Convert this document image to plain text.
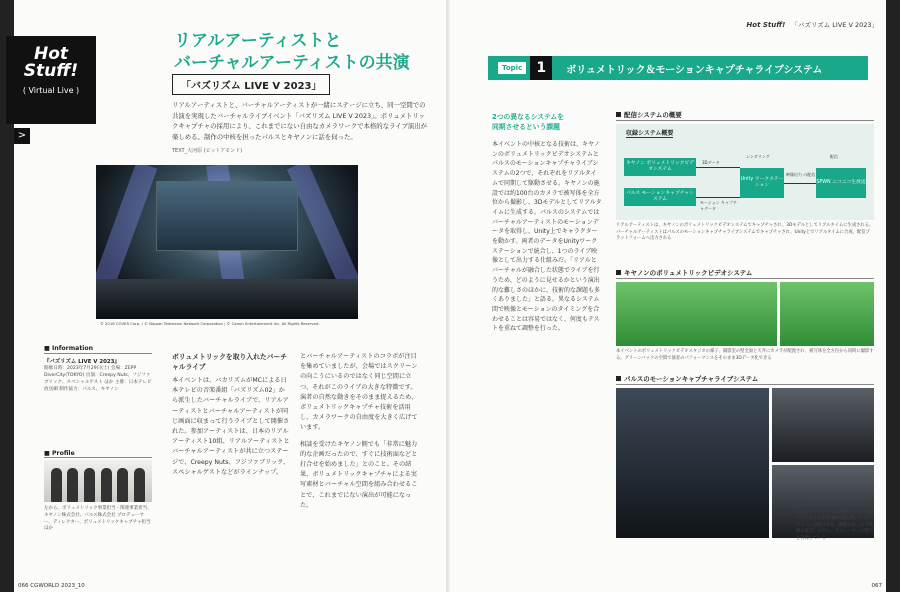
Hot Stuff!
( Virtual Live )
>
リアルアーティストと
バーチャルアーティストの共演
「バズリズム LIVE V 2023」
リアルアーティストと、バーチャルアーティストが一緒にステージに立ち、同一空間での共演を実現したバーチャルライブイベント「バズリズム LIVE V 2023」。ボリュメトリックキャプチャの採用により、これまでにない自由なカメラワークで本格的なライブ演出が楽しめる。制作の中核を担ったパルスとキヤノンに話を伺った。
TEXT_大河原 (ビットアモンド)
© 2016 COVER Corp. / © Nippon Television Network Corporation / © Canon Entertainment Inc. All Rights Reserved.
■ Information
『バズリズム LIVE V 2023』
開催日時：2023年7月29日(土) 会場：ZEPP DiverCity(TOKYO) 出演：Creepy Nuts、フジファブリック、スペシャルゲスト ほか 主催：日本テレビ放送網 制作協力：パルス、キヤノン
■ Profile
左から、ボリュメトリック事業担当・関連事業担当、キヤノン株式会社、パルス株式会社 プロデューサー、ディレクター、ボリュメトリックキャプチャ担当 ほか
ボリュメトリックを取り入れたバーチャルライブ
本イベントは、バカリズムがMCによる日本テレビの音楽番組「バズリズム02」から派生したバーチャルライブで、リアルアーティストとバーチャルアーティストが同じ画面に収まって行うライブとして開催された。参加アーティストは、日本のリアルアーティスト10組、リアルアーティストとバーチャルアーティストが共に立つステージで、Creepy Nuts、フジファブリック、スペシャルゲストなどがラインナップ。
とバーチャルアーティストのコラボが注目を集めていましたが、会場ではスクリーンの向こうにいるのではなく同じ空間に立つ、それがこのライブの大きな特徴です。演者の自然な動きをそのまま捉えるため、ボリュメトリックキャプチャ技術を活用し、カメラワークの自由度を大きく広げています。
相談を受けたキヤノン側でも「非常に魅力的な企画だったので、すぐに技術面などと打合せを始めました」とのこと。その結果、ボリュメトリックキャプチャによる実写素材とバーチャル空間を組み合わせることで、これまでにない演出が可能になった。
066 CGWORLD 2023_10
Hot Stuff! 「バズリズム LIVE V 2023」
Topic	1	ボリュメトリック＆モーションキャプチャライブシステム
2つの異なるシステムを
同期させるという課題
本イベントの中核となる技術は、キヤノンのボリュメトリックビデオシステムとパルスのモーションキャプチャライブシステムの2つで、それぞれをリアルタイムで同期して駆動させる。キヤノンの施設では約100台のカメラで被写体を全方位から撮影し、3Dモデルとしてリアルタイムに生成する。パルスのシステムではバーチャルアーティストのモーションデータを取得し、Unity上でキャラクターを動かす。両者のデータをUnityワークステーションで統合し、1つのライブ映像として出力する仕組みだ。「リアルとバーチャルが融合した状態でライブを行うため、どのように見せるかという演出的な難しさのほかに、技術的な課題も多くありました」と語る。異なるシステム間で映像とモーションのタイミングを合わせることは容易ではなく、何度もテストを重ねて調整を行った。
配信システムの概要
収録システム概要
キヤノン ボリュメトリックビデオシステム
パルス モーションキャプチャシステム
Unity ワークステーション
SPWN ニコニコ生放送
3Dデータ
モーション キャプチャデータ
レンダリング
映像出力 の配信
配信
リアルアーティストは、キヤノンのボリュメトリックビデオシステムでキャプチャされ、3Dモデルとしてリアルタイムに生成される。バーチャルアーティストはパルスのモーションキャプチャライブシステムでキャプチャされ、Unity上でリアルタイムに合成、配信プラットフォームへ出力される
キヤノンのボリュメトリックビデオシステム
本イベントのボリュメトリックビデオスタジオの様子。撮影室の壁全面と天井にカメラが配置され、被写体を全方位から同時に撮影する。グリーンバックの空間で演者のパフォーマンスをそのまま3Dデータ化できる
パルスのモーションキャプチャライブシステム
パルスのライブ制作スタジオの様子。モーションキャプチャで取得したデータはリアルタイムでUnityへ送られ、キャラクターに反映される。複数のモニタで映像を確認しながら、オペレーターが進行を管理している
067
